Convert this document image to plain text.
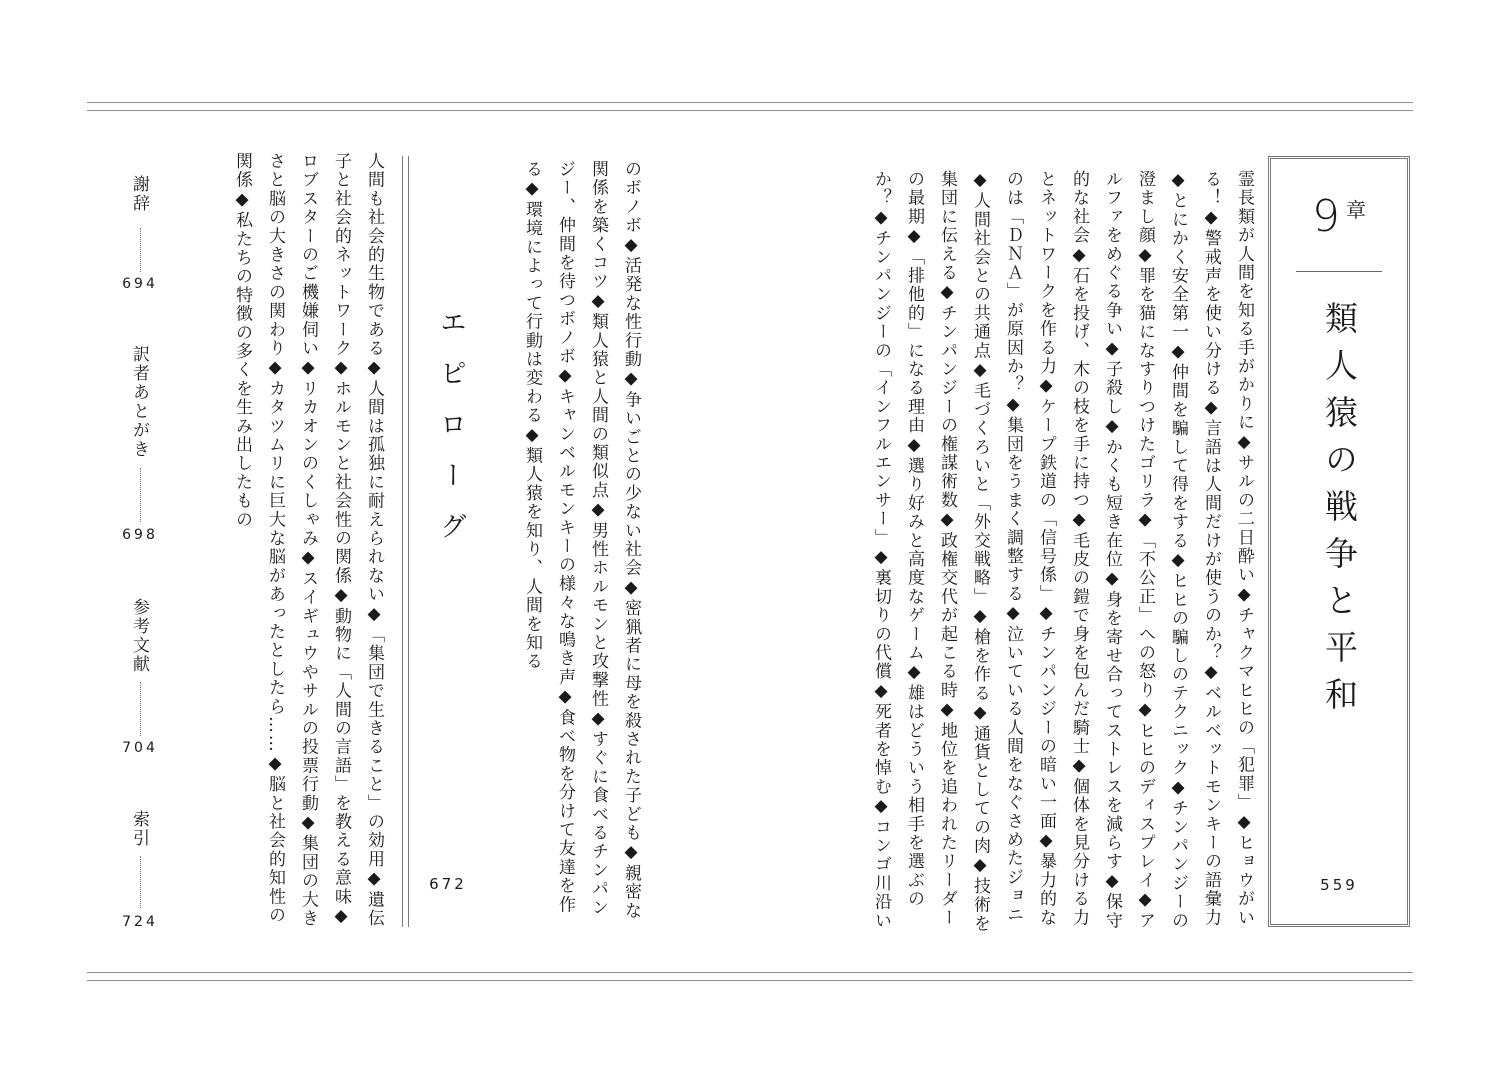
9 章
類人猿の戦争と平和
559
霊長類が人間を知る手がかりに◆サルの二日酔い◆チャクマヒヒの「犯罪」◆ヒョウがい
る！◆警戒声を使い分ける◆言語は人間だけが使うのか？◆ベルベットモンキーの語彙力
◆とにかく安全第一◆仲間を騙して得をする◆ヒヒの騙しのテクニック◆チンパンジーの
澄まし顔◆罪を猫になすりつけたゴリラ◆「不公正」への怒り◆ヒヒのディスプレイ◆ア
ルファをめぐる争い◆子殺し◆かくも短き在位◆身を寄せ合ってストレスを減らす◆保守
的な社会◆石を投げ、木の枝を手に持つ◆毛皮の鎧で身を包んだ騎士◆個体を見分ける力
とネットワークを作る力◆ケープ鉄道の「信号係」◆チンパンジーの暗い一面◆暴力的な
のは「ＤＮＡ」が原因か？◆集団をうまく調整する◆泣いている人間をなぐさめたジョニ
◆人間社会との共通点◆毛づくろいと「外交戦略」◆槍を作る◆通貨としての肉◆技術を
集団に伝える◆チンパンジーの権謀術数◆政権交代が起こる時◆地位を追われたリーダー
の最期◆「排他的」になる理由◆選り好みと高度なゲーム◆雄はどういう相手を選ぶの
か？◆チンパンジーの「インフルエンサー」◆裏切りの代償◆死者を悼む◆コンゴ川沿い
のボノボ◆活発な性行動◆争いごとの少ない社会◆密猟者に母を殺された子ども◆親密な
関係を築くコツ◆類人猿と人間の類似点◆男性ホルモンと攻撃性◆すぐに食べるチンパン
ジー、仲間を待つボノボ◆キャンベルモンキーの様々な鳴き声◆食べ物を分けて友達を作
る◆環境によって行動は変わる◆類人猿を知り、人間を知る
エピローグ
672
人間も社会的生物である◆人間は孤独に耐えられない◆「集団で生きること」の効用◆遺伝
子と社会的ネットワーク◆ホルモンと社会性の関係◆動物に「人間の言語」を教える意味◆
ロブスターのご機嫌伺い◆リカオンのくしゃみ◆スイギュウやサルの投票行動◆集団の大き
さと脳の大きさの関わり◆カタツムリに巨大な脳があったとしたら……◆脳と社会的知性の
関係◆私たちの特徴の多くを生み出したもの
謝辞
694
訳者あとがき
698
参考文献
704
索引
724
